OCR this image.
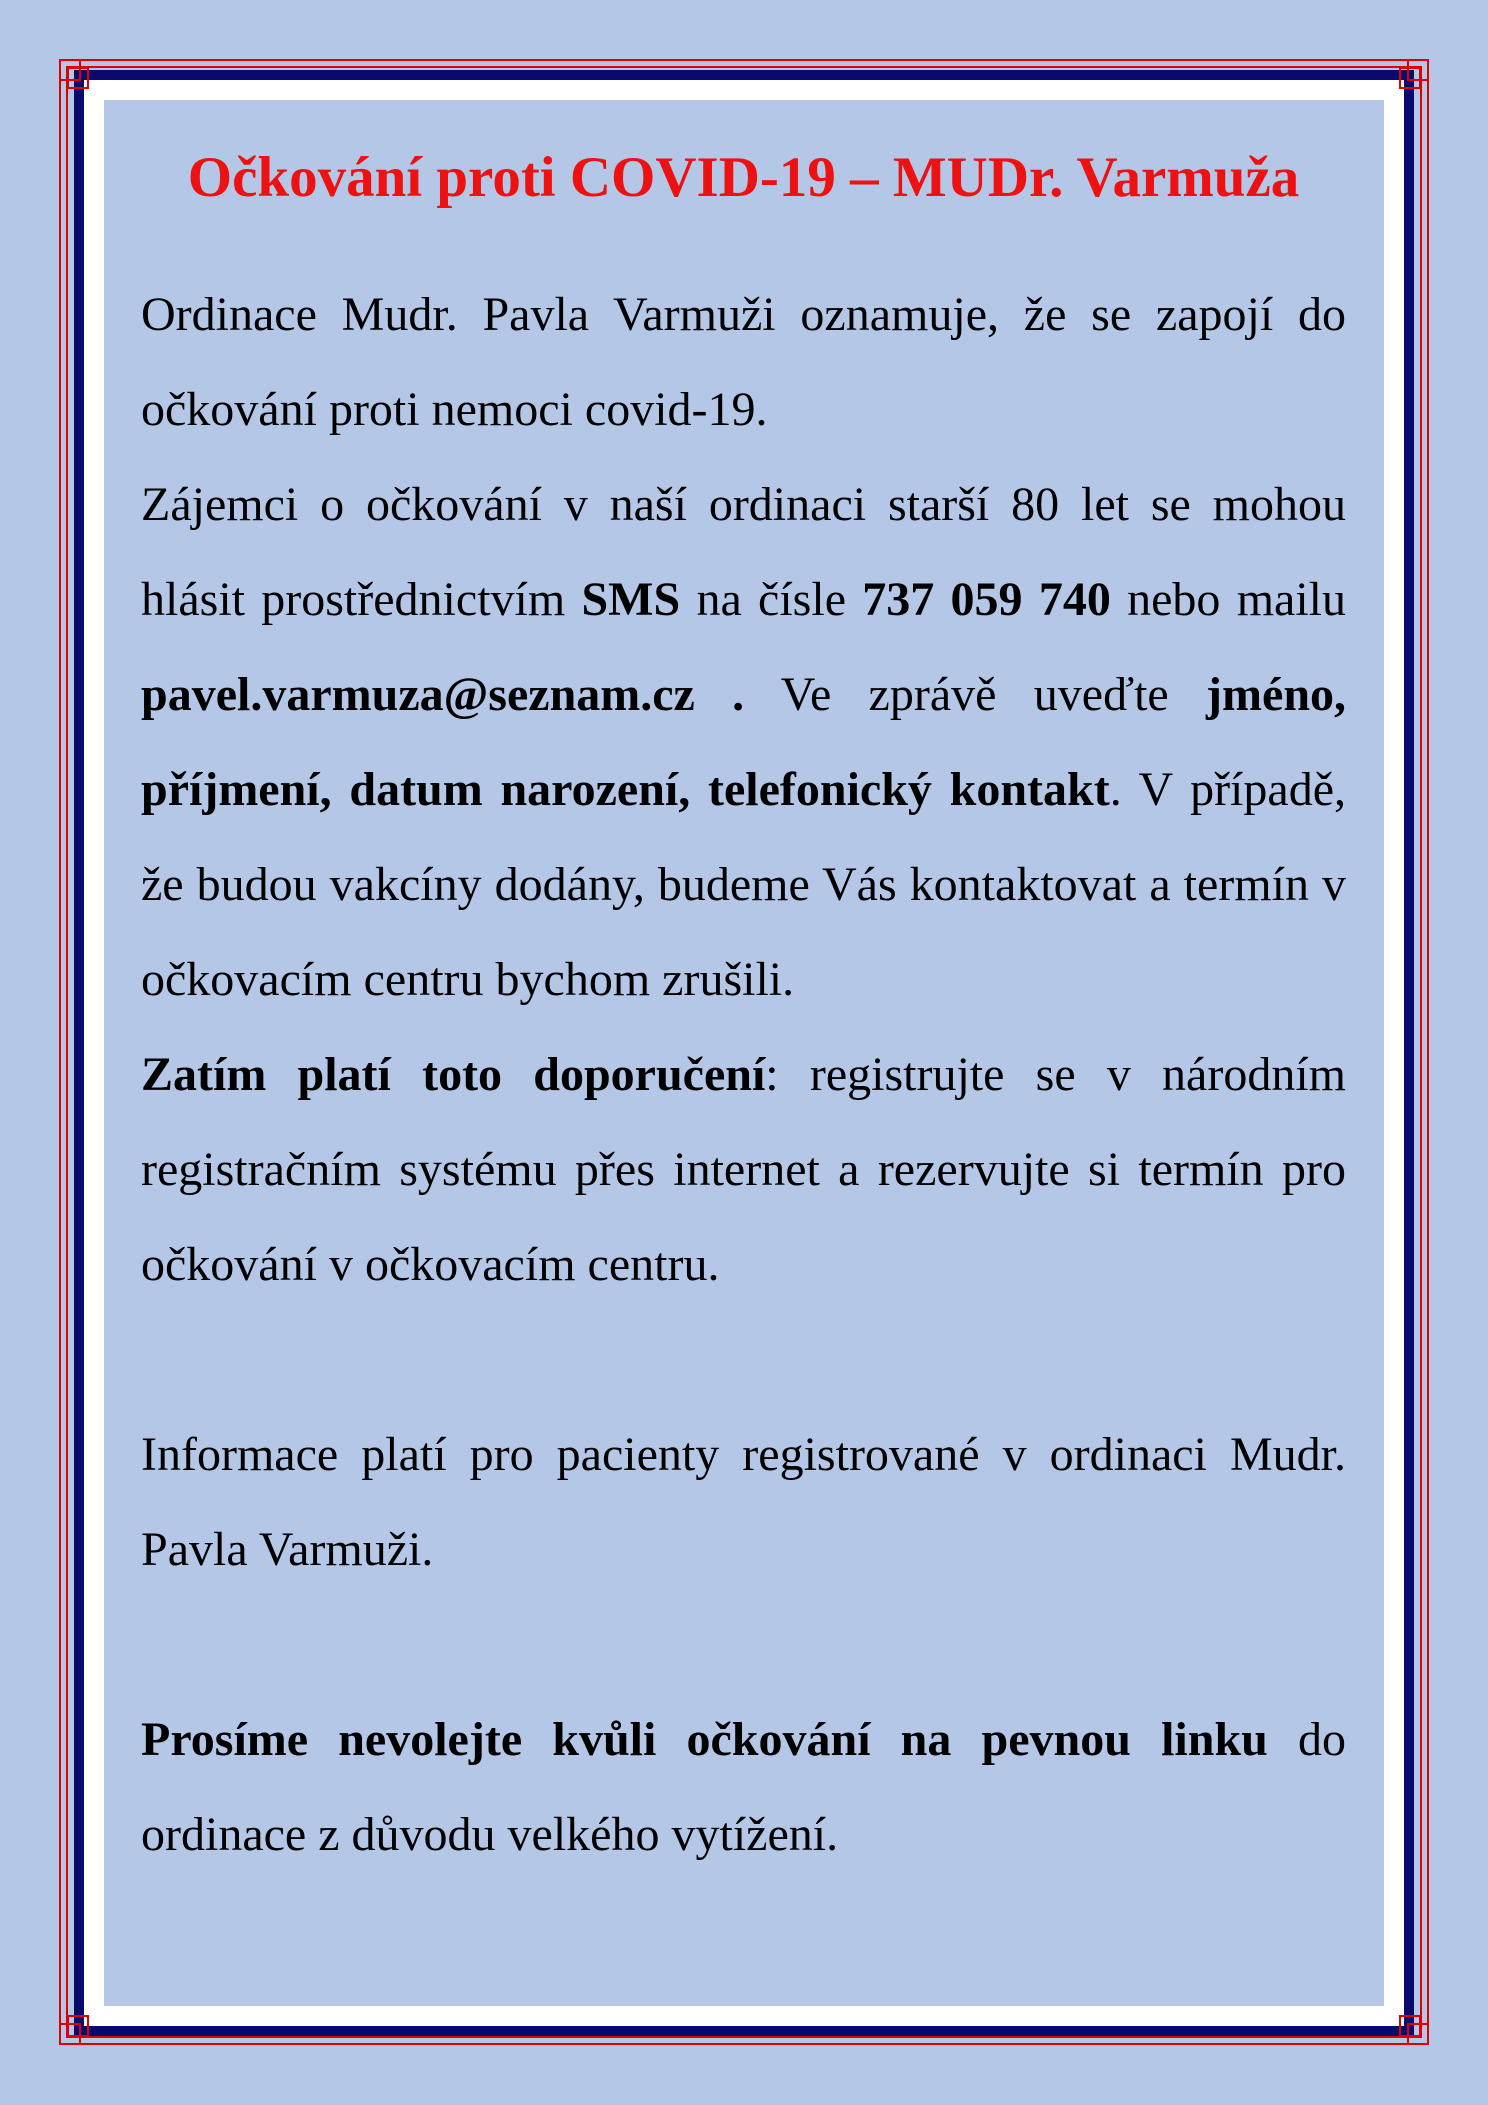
Očkování proti COVID-19 – MUDr. Varmuža

Ordinace Mudr. Pavla Varmuži oznamuje, že se zapojí do očkování proti nemoci covid-19.

Zájemci o očkování v naší ordinaci starší 80 let se mohou hlásit prostřednictvím SMS na čísle 737 059 740 nebo mailu pavel.varmuza@seznam.cz . Ve zprávě uveďte jméno, příjmení, datum narození, telefonický kontakt. V případě, že budou vakcíny dodány, budeme Vás kontaktovat a termín v očkovacím centru bychom zrušili.

Zatím platí toto doporučení: registrujte se v národním registračním systému přes internet a rezervujte si termín pro očkování v očkovacím centru.

Informace platí pro pacienty registrované v ordinaci Mudr. Pavla Varmuži.

Prosíme nevolejte kvůli očkování na pevnou linku do ordinace z důvodu velkého vytížení.
